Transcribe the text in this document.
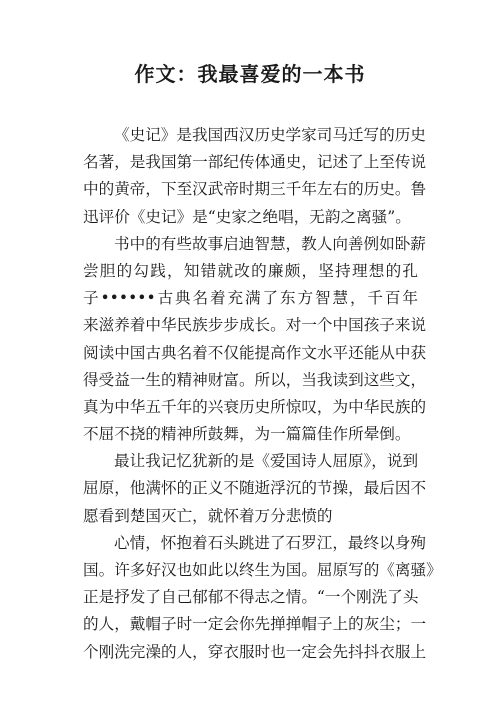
作文：我最喜爱的一本书
《史记》是我国西汉历史学家司马迁写的历史
名著，是我国第一部纪传体通史，记述了上至传说
中的黄帝，下至汉武帝时期三千年左右的历史。鲁
迅评价《史记》是“史家之绝唱，无韵之离骚”。
书中的有些故事启迪智慧，教人向善例如卧薪
尝胆的勾践，知错就改的廉颇，坚持理想的孔
子••••••古典名着充满了东方智慧，千百年
来滋养着中华民族步步成长。对一个中国孩子来说
阅读中国古典名着不仅能提高作文水平还能从中获
得受益一生的精神财富。所以，当我读到这些文，
真为中华五千年的兴衰历史所惊叹，为中华民族的
不屈不挠的精神所鼓舞，为一篇篇佳作所晕倒。
最让我记忆犹新的是《爱国诗人屈原》，说到
屈原，他满怀的正义不随逝浮沉的节操，最后因不
愿看到楚国灭亡，就怀着万分悲愤的
心情，怀抱着石头跳进了石罗江，最终以身殉
国。许多好汉也如此以终生为国。屈原写的《离骚》
正是抒发了自己郁郁不得志之情。“一个刚洗了头
的人，戴帽子时一定会你先掸掸帽子上的灰尘；一
个刚洗完澡的人，穿衣服时也一定会先抖抖衣服上
